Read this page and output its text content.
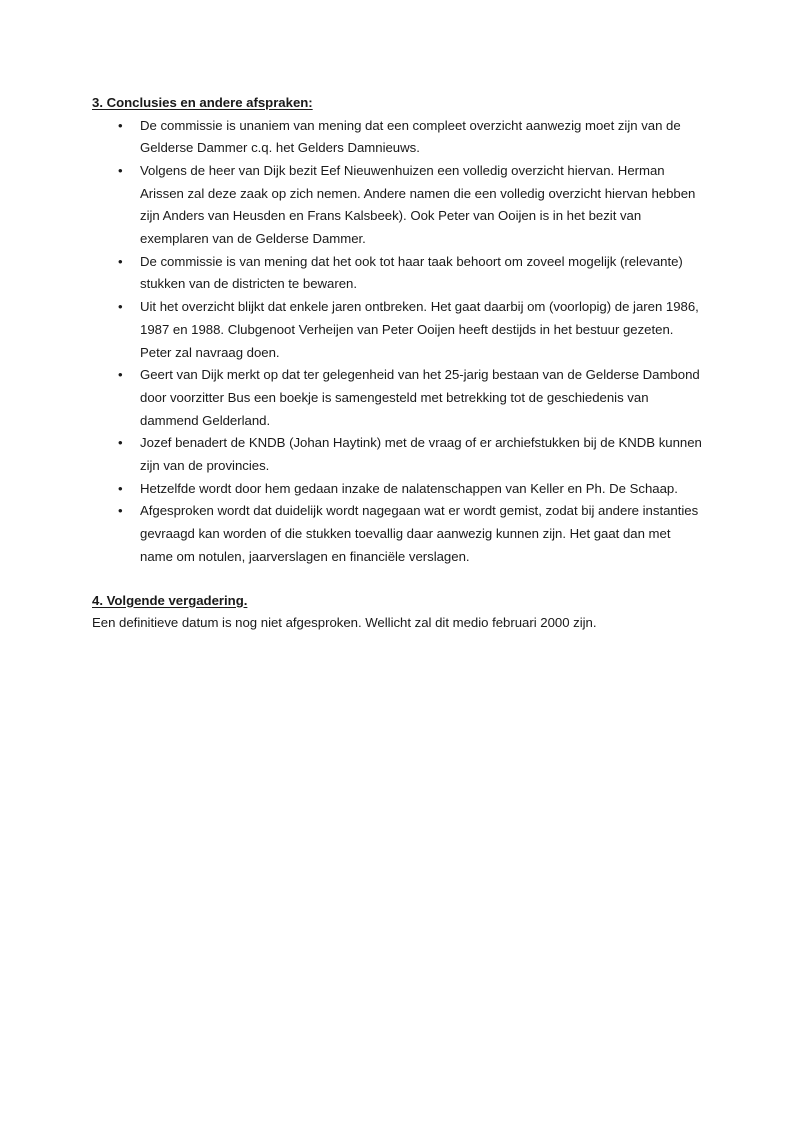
3. Conclusies en andere afspraken:
•	De commissie is unaniem van mening dat een compleet overzicht aanwezig moet zijn van de Gelderse Dammer c.q. het Gelders Damnieuws.
•	Volgens de heer van Dijk bezit Eef Nieuwenhuizen een volledig overzicht hiervan. Herman Arissen zal deze zaak op zich nemen. Andere namen die een volledig overzicht hiervan hebben zijn Anders van Heusden en Frans Kalsbeek). Ook Peter van Ooijen is in het bezit van exemplaren van de Gelderse Dammer.
•	De commissie is van mening dat het ook tot haar taak behoort om zoveel mogelijk (relevante) stukken van de districten te bewaren.
•	Uit het overzicht blijkt dat enkele jaren ontbreken. Het gaat daarbij om (voorlopig) de jaren 1986, 1987 en 1988. Clubgenoot Verheijen van Peter Ooijen heeft destijds in het bestuur gezeten. Peter zal navraag doen.
•	Geert van Dijk merkt op dat ter gelegenheid van het 25-jarig bestaan van de Gelderse Dambond door voorzitter Bus een boekje is samengesteld met betrekking tot de geschiedenis van dammend Gelderland.
•	Jozef benadert de KNDB (Johan Haytink) met de vraag of er archiefstukken bij de KNDB kunnen zijn van de provincies.
•	Hetzelfde wordt door hem gedaan inzake de nalatenschappen van Keller en Ph. De Schaap.
•	Afgesproken wordt dat duidelijk wordt nagegaan wat er wordt gemist, zodat bij andere instanties gevraagd kan worden of die stukken toevallig daar aanwezig kunnen zijn. Het gaat dan met name om notulen, jaarverslagen en financiële verslagen.
4. Volgende vergadering.

Een definitieve datum is nog niet afgesproken. Wellicht zal dit medio februari 2000 zijn.
